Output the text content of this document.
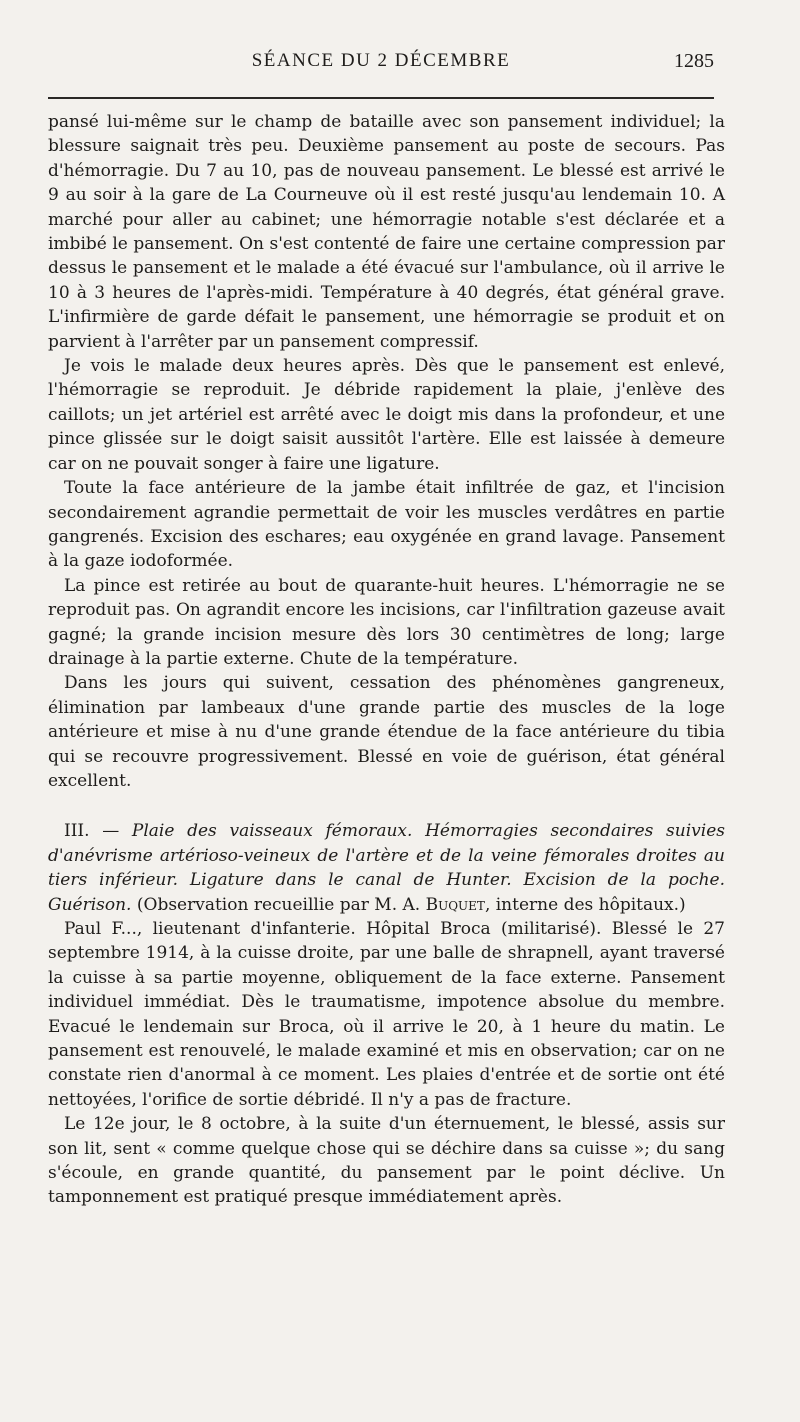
SÉANCE DU 2 DÉCEMBRE	1285

pansé lui-même sur le champ de bataille avec son pansement individuel; la blessure saignait très peu. Deuxième pansement au poste de secours. Pas d'hémorragie. Du 7 au 10, pas de nouveau pansement. Le blessé est arrivé le 9 au soir à la gare de La Courneuve où il est resté jusqu'au lendemain 10. A marché pour aller au cabinet; une hémorragie notable s'est déclarée et a imbibé le pansement. On s'est contenté de faire une certaine compression par dessus le pansement et le malade a été évacué sur l'ambulance, où il arrive le 10 à 3 heures de l'après-midi. Température à 40 degrés, état général grave. L'infirmière de garde défait le pansement, une hémorragie se produit et on parvient à l'arrêter par un pansement compressif.

Je vois le malade deux heures après. Dès que le pansement est enlevé, l'hémorragie se reproduit. Je débride rapidement la plaie, j'enlève des caillots; un jet artériel est arrêté avec le doigt mis dans la profondeur, et une pince glissée sur le doigt saisit aussitôt l'artère. Elle est laissée à demeure car on ne pouvait songer à faire une ligature.

Toute la face antérieure de la jambe était infiltrée de gaz, et l'incision secondairement agrandie permettait de voir les muscles verdâtres en partie gangrenés. Excision des eschares; eau oxygénée en grand lavage. Pansement à la gaze iodoformée.

La pince est retirée au bout de quarante-huit heures. L'hémorragie ne se reproduit pas. On agrandit encore les incisions, car l'infiltration gazeuse avait gagné; la grande incision mesure dès lors 30 centimètres de long; large drainage à la partie externe. Chute de la température.

Dans les jours qui suivent, cessation des phénomènes gangreneux, élimination par lambeaux d'une grande partie des muscles de la loge antérieure et mise à nu d'une grande étendue de la face antérieure du tibia qui se recouvre progressivement. Blessé en voie de guérison, état général excellent.

III. — Plaie des vaisseaux fémoraux. Hémorragies secondaires suivies d'anévrisme artérioso-veineux de l'artère et de la veine fémorales droites au tiers inférieur. Ligature dans le canal de Hunter. Excision de la poche. Guérison. (Observation recueillie par M. A. Buquet, interne des hôpitaux.)

Paul F..., lieutenant d'infanterie. Hôpital Broca (militarisé). Blessé le 27 septembre 1914, à la cuisse droite, par une balle de shrapnell, ayant traversé la cuisse à sa partie moyenne, obliquement de la face externe. Pansement individuel immédiat. Dès le traumatisme, impotence absolue du membre. Evacué le lendemain sur Broca, où il arrive le 20, à 1 heure du matin. Le pansement est renouvelé, le malade examiné et mis en observation; car on ne constate rien d'anormal à ce moment. Les plaies d'entrée et de sortie ont été nettoyées, l'orifice de sortie débridé. Il n'y a pas de fracture.

Le 12e jour, le 8 octobre, à la suite d'un éternuement, le blessé, assis sur son lit, sent « comme quelque chose qui se déchire dans sa cuisse »; du sang s'écoule, en grande quantité, du pansement par le point déclive. Un tamponnement est pratiqué presque immédiatement après.
